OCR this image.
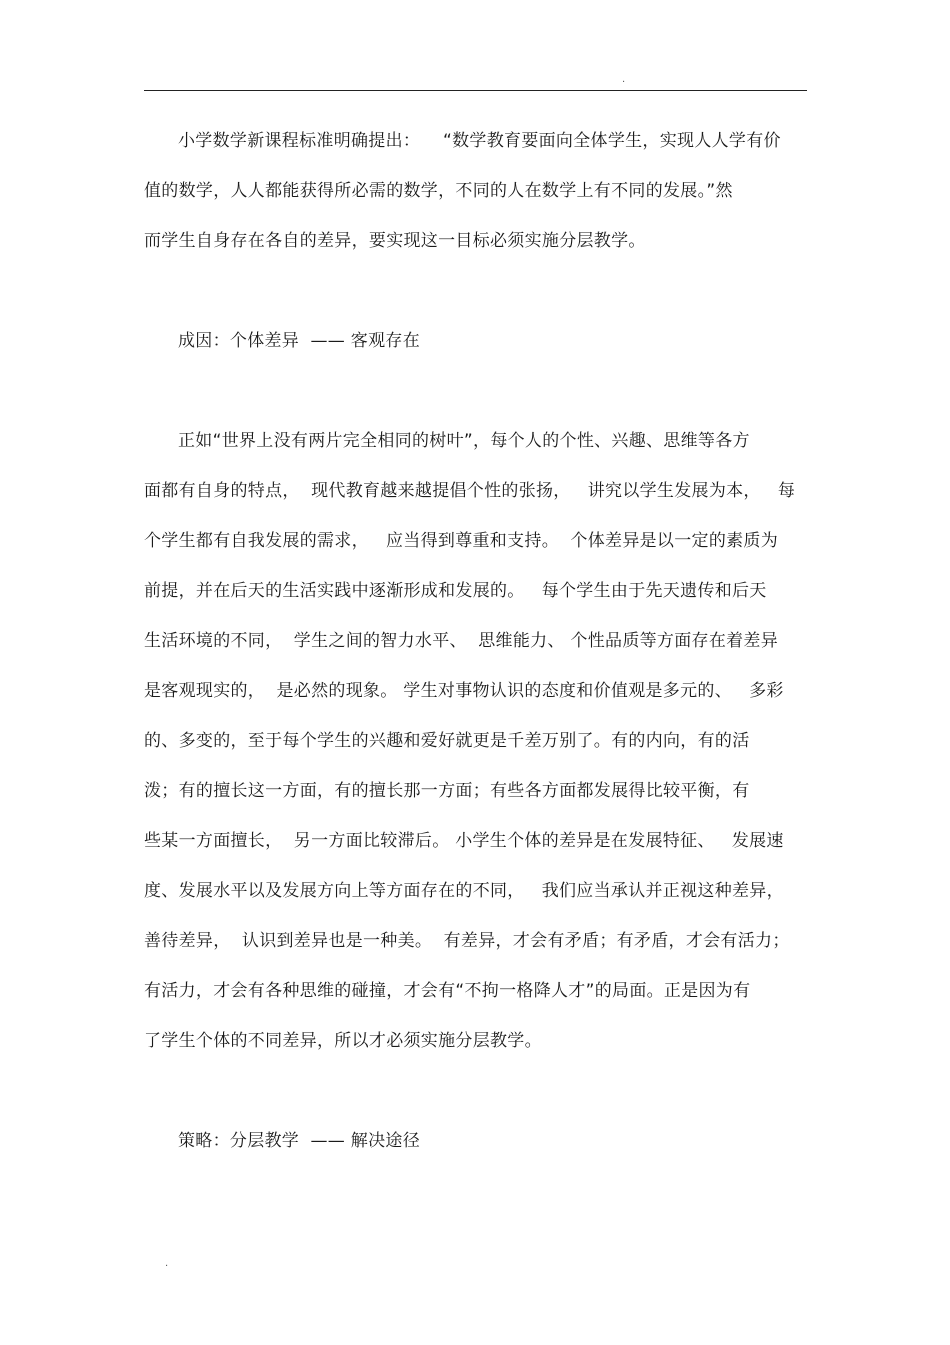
.
小学数学新课程标准明确提出：    “数学教育要面向全体学生，实现人人学有价
值的数学，人人都能获得所必需的数学，不同的人在数学上有不同的发展。”然
而学生自身存在各自的差异，要实现这一目标必须实施分层教学。
成因：个体差异  —— 客观存在
正如“世界上没有两片完全相同的树叶”，每个人的个性、兴趣、思维等各方
面都有自身的特点，  现代教育越来越提倡个性的张扬，   讲究以学生发展为本，   每
个学生都有自我发展的需求，   应当得到尊重和支持。  个体差异是以一定的素质为
前提，并在后天的生活实践中逐渐形成和发展的。   每个学生由于先天遗传和后天
生活环境的不同，  学生之间的智力水平、  思维能力、 个性品质等方面存在着差异
是客观现实的，  是必然的现象。 学生对事物认识的态度和价值观是多元的、   多彩
的、多变的，至于每个学生的兴趣和爱好就更是千差万别了。有的内向，有的活
泼；有的擅长这一方面，有的擅长那一方面；有些各方面都发展得比较平衡，有
些某一方面擅长，  另一方面比较滞后。 小学生个体的差异是在发展特征、   发展速
度、发展水平以及发展方向上等方面存在的不同，   我们应当承认并正视这种差异，
善待差异，  认识到差异也是一种美。  有差异，才会有矛盾；有矛盾，才会有活力；
有活力，才会有各种思维的碰撞，才会有“不拘一格降人才”的局面。正是因为有
了学生个体的不同差异，所以才必须实施分层教学。
策略：分层教学  —— 解决途径
.
